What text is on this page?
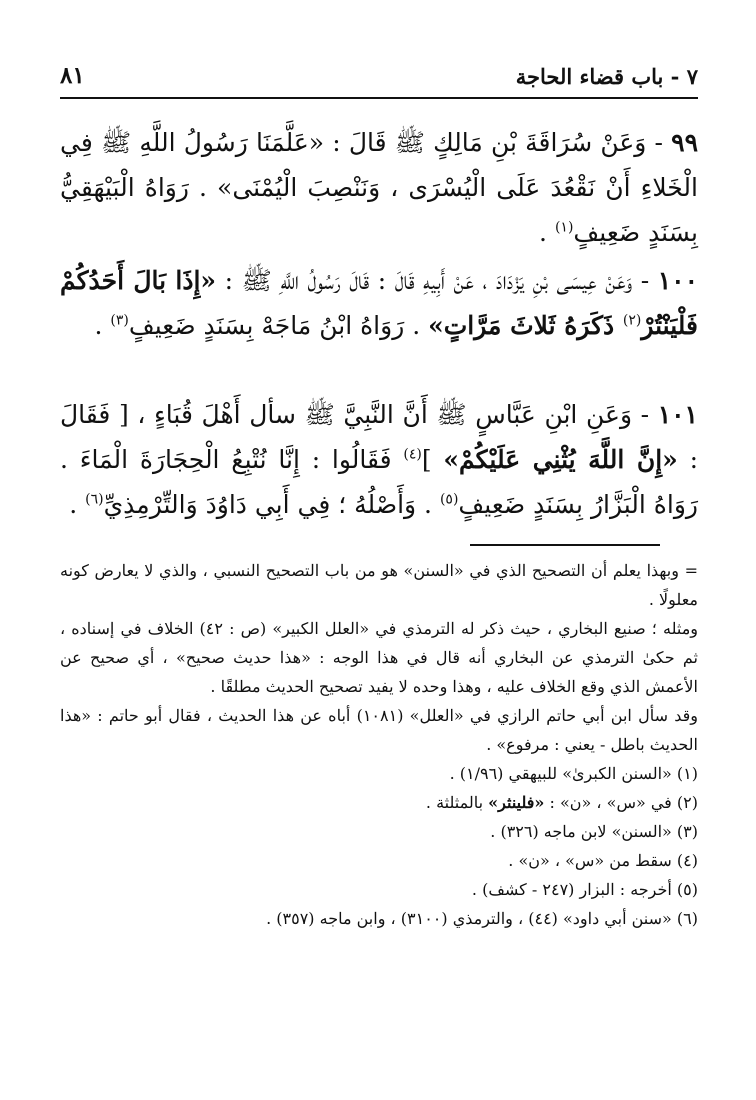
٧ - باب قضاء الحاجة
٨١
٩٩ - وَعَنْ سُرَاقَةَ بْنِ مَالِكٍ ﷺ قَالَ : «عَلَّمَنَا رَسُولُ اللَّهِ ﷺ فِي الْخَلاءِ أَنْ نَقْعُدَ عَلَى الْيُسْرَى ، وَنَنْصِبَ الْيُمْنَى» . رَوَاهُ الْبَيْهَقِيُّ بِسَنَدٍ ضَعِيفٍ$^{(١)}$ .
١٠٠ - وَعَنْ عِيسَى بْنِ يَزْدَادَ ، عَنْ أَبِيهِ قَالَ : قَالَ رَسُولُ اللَّهِ ﷺ : «إِذَا بَالَ أَحَدُكُمْ فَلْيَنْتُرْ$^{(٢)}$ ذَكَرَهُ ثَلاثَ مَرَّاتٍ» . رَوَاهُ ابْنُ مَاجَهْ بِسَنَدٍ ضَعِيفٍ$^{(٣)}$ .
١٠١ - وَعَنِ ابْنِ عَبَّاسٍ ﷺ أَنَّ النَّبِيَّ ﷺ سأل أَهْلَ قُبَاءٍ ، [ فَقَالَ : «إِنَّ اللَّهَ يُثْنِي عَلَيْكُمْ» ]$^{(٤)}$ فَقَالُوا : إِنَّا نُتْبِعُ الْحِجَارَةَ الْمَاءَ . رَوَاهُ الْبَزَّارُ بِسَنَدٍ ضَعِيفٍ$^{(٥)}$ . وَأَصْلُهُ ؛ فِي أَبِي دَاوُدَ وَالتِّرْمِذِيِّ$^{(٦)}$ .

= وبهذا يعلم أن التصحيح الذي في «السنن» هو من باب التصحيح النسبي ، والذي لا يعارض كونه معلولًا .

ومثله ؛ صنيع البخاري ، حيث ذكر له الترمذي في «العلل الكبير» (ص : ٤٢) الخلاف في إسناده ، ثم حكىٰ الترمذي عن البخاري أنه قال في هذا الوجه : «هذا حديث صحيح» ، أي صحيح عن الأعمش الذي وقع الخلاف عليه ، وهذا وحده لا يفيد تصحيح الحديث مطلقًا .

وقد سأل ابن أبي حاتم الرازي في «العلل» (١٠٨١) أباه عن هذا الحديث ، فقال أبو حاتم : «هذا الحديث باطل - يعني : مرفوع» .

(١) «السنن الكبرىٰ» للبيهقي (١/٩٦) .

(٢) في «س» ، «ن» : «فلينثر» بالمثلثة .

(٣) «السنن» لابن ماجه (٣٢٦) .

(٤) سقط من «س» ، «ن» .

(٥) أخرجه : البزار (٢٤٧ - كشف) .

(٦) «سنن أبي داود» (٤٤) ، والترمذي (٣١٠٠) ، وابن ماجه (٣٥٧) .
